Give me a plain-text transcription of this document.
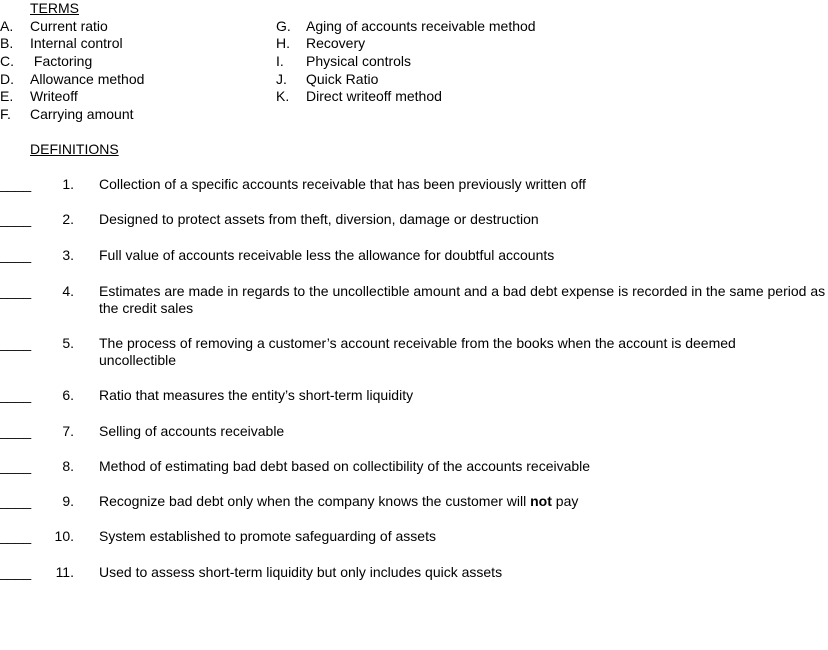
TERMS
A. Current ratio
B. Internal control
C. Factoring
D. Allowance method
E. Writeoff
F. Carrying amount
G. Aging of accounts receivable method
H. Recovery
I. Physical controls
J. Quick Ratio
K. Direct writeoff method
DEFINITIONS
____	1. Collection of a specific accounts receivable that has been previously written off
____	2. Designed to protect assets from theft, diversion, damage or destruction
____	3. Full value of accounts receivable less the allowance for doubtful accounts
____	4. Estimates are made in regards to the uncollectible amount and a bad debt expense is recorded in the same period as the credit sales
____	5. The process of removing a customer’s account receivable from the books when the account is deemed uncollectible
____	6. Ratio that measures the entity’s short-term liquidity
____	7. Selling of accounts receivable
____	8. Method of estimating bad debt based on collectibility of the accounts receivable
____	9. Recognize bad debt only when the company knows the customer will not pay
____	10. System established to promote safeguarding of assets
____	11. Used to assess short-term liquidity but only includes quick assets
